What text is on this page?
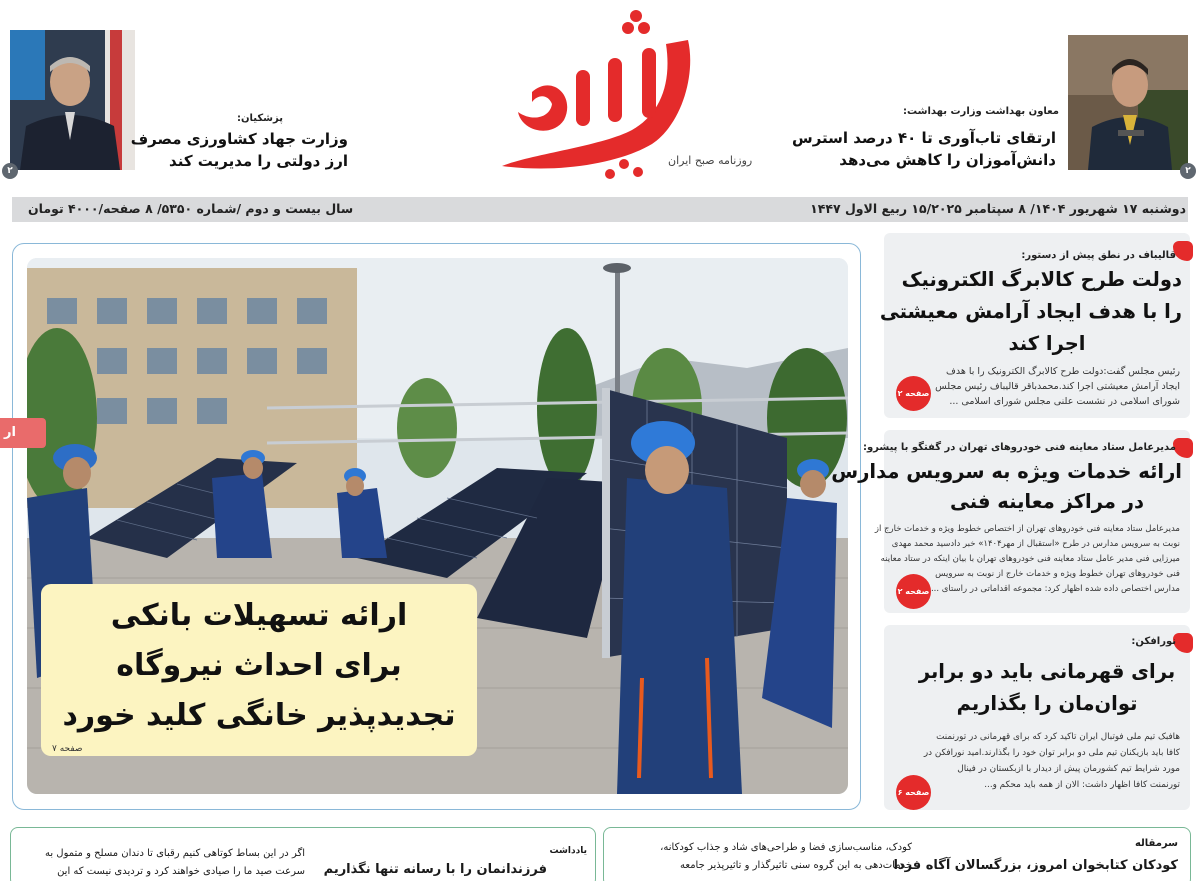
۲
معاون بهداشت وزارت بهداشت:
ارتقای تاب‌آوری تا ۴۰ درصد استرس
دانش‌آموزان را کاهش می‌دهد
روزنامه صبح ایران
۲
پزشکیان:
وزارت جهاد کشاورزی مصرف
ارز دولتی را مدیریت کند
دوشنبه ۱۷ شهریور ۱۴۰۴/ ۸ سپتامبر ۱۵/۲۰۲۵ ربیع الاول ۱۴۴۷
سال بیست و دوم /شماره ۵۳۵۰/ ۸ صفحه/۴۰۰۰ تومان
ار
ارائه تسهیلات بانکی
برای احداث نیروگاه
تجدیدپذیر خانگی کلید خورد
صفحه ۷
قالیباف در نطق پیش از دستور:
دولت طرح کالابرگ الکترونیک
را با هدف ایجاد آرامش معیشتی
اجرا کند
رئیس مجلس گفت:دولت طرح کالابرگ الکترونیک را با هدف
ایجاد آرامش معیشتی اجرا کند.محمدباقر قالیباف رئیس مجلس
شورای اسلامی در نشست علنی مجلس شورای اسلامی ...
صفحه ۲
مدیرعامل ستاد معاینه فنی خودروهای تهران در گفتگو با پیشرو:
ارائه خدمات ویژه به سرویس مدارس
در مراکز معاینه فنی
مدیرعامل ستاد معاینه فنی خودروهای تهران از اختصاص خطوط ویژه و خدمات خارج از
نوبت به سرویس مدارس در طرح «استقبال از مهر۱۴۰۴» خبر دادسید محمد مهدی
میرزایی فنی مدیر عامل ستاد معاینه فنی خودروهای تهران با بیان اینکه در ستاد معاینه
فنی خودروهای تهران خطوط ویژه و خدمات خارج از نوبت به سرویس
مدارس اختصاص داده شده اظهار کرد: مجموعه اقداماتی در راستای ...
صفحه ۲
نورافکن:
برای قهرمانی باید دو برابر
توان‌مان را بگذاریم
هافبک تیم ملی فوتبال ایران تاکید کرد که برای قهرمانی در تورنمنت
کافا باید بازیکنان تیم ملی دو برابر توان خود را بگذارند.امید نورافکن در
مورد شرایط تیم کشورمان پیش از دیدار با ازبکستان در فینال
تورنمنت کافا اظهار داشت: الان از همه باید محکم و...
صفحه ۶
سرمقاله
کودکان کتابخوان امروز، بزرگسالان آگاه فردا
کودک، مناسب‌سازی فضا و طراحی‌های شاد و جذاب کودکانه،
خدمات‌دهی به این گروه سنی تاثیرگذار و تاثیرپذیر جامعه
یادداشت
فرزندانمان را با رسانه تنها نگذاریم
اگر در این بساط کوتاهی کنیم رقبای تا دندان مسلح و متمول به
سرعت صید ما را صیادی خواهند کرد و تردیدی نیست که این
